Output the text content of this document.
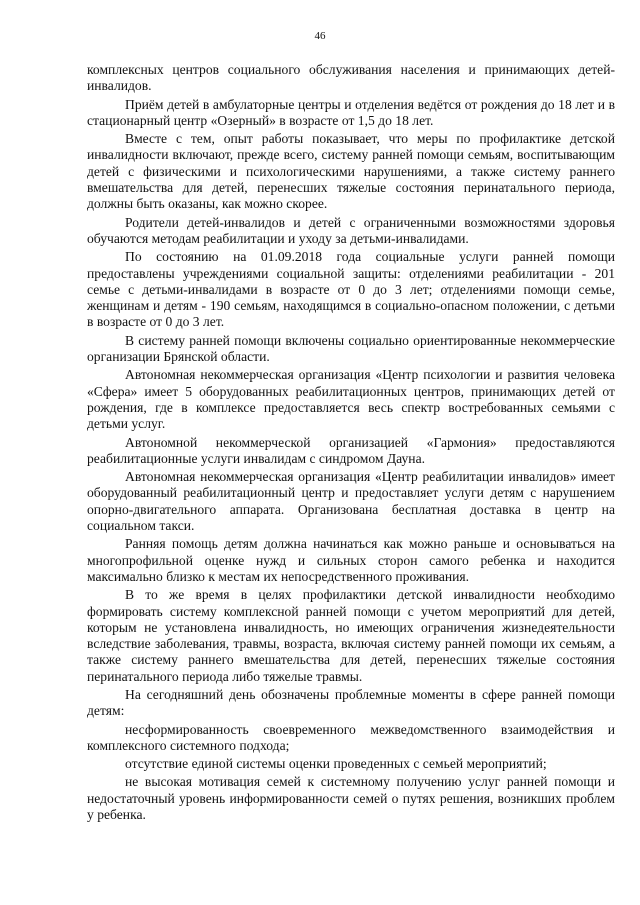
46

комплексных центров социального обслуживания населения и принимающих детей-инвалидов.

Приём детей в амбулаторные центры и отделения ведётся от рождения до 18 лет и в стационарный центр «Озерный» в возрасте от 1,5 до 18 лет.

Вместе с тем, опыт работы показывает, что меры по профилактике детской инвалидности включают, прежде всего, систему ранней помощи семьям, воспитывающим детей с физическими и психологическими нарушениями, а также систему раннего вмешательства для детей, перенесших тяжелые состояния перинатального периода, должны быть оказаны, как можно скорее.

Родители детей-инвалидов и детей с ограниченными возможностями здоровья обучаются методам реабилитации и уходу за детьми-инвалидами.

По состоянию на 01.09.2018 года социальные услуги ранней помощи предоставлены учреждениями социальной защиты: отделениями реабилитации - 201 семье с детьми-инвалидами в возрасте от 0 до 3 лет; отделениями помощи семье, женщинам и детям - 190 семьям, находящимся в социально-опасном положении, с детьми в возрасте от 0 до 3 лет.

В систему ранней помощи включены социально ориентированные некоммерческие организации Брянской области.

Автономная некоммерческая организация «Центр психологии и развития человека «Сфера» имеет 5 оборудованных реабилитационных центров, принимающих детей от рождения, где в комплексе предоставляется весь спектр востребованных семьями с детьми услуг.

Автономной некоммерческой организацией «Гармония» предоставляются реабилитационные услуги инвалидам с синдромом Дауна.

Автономная некоммерческая организация «Центр реабилитации инвалидов» имеет оборудованный реабилитационный центр и предоставляет услуги детям с нарушением опорно-двигательного аппарата. Организована бесплатная доставка в центр на социальном такси.

Ранняя помощь детям должна начинаться как можно раньше и основываться на многопрофильной оценке нужд и сильных сторон самого ребенка и находится максимально близко к местам их непосредственного проживания.

В то же время в целях профилактики детской инвалидности необходимо формировать систему комплексной ранней помощи с учетом мероприятий для детей, которым не установлена инвалидность, но имеющих ограничения жизнедеятельности вследствие заболевания, травмы, возраста, включая систему ранней помощи их семьям, а также систему раннего вмешательства для детей, перенесших тяжелые состояния перинатального периода либо тяжелые травмы.

На сегодняшний день обозначены проблемные моменты в сфере ранней помощи детям:

несформированность своевременного межведомственного взаимодействия и комплексного системного подхода;

отсутствие единой системы оценки проведенных с семьей мероприятий;

не высокая мотивация семей к системному получению услуг ранней помощи и недостаточный уровень информированности семей о путях решения, возникших проблем у ребенка.
